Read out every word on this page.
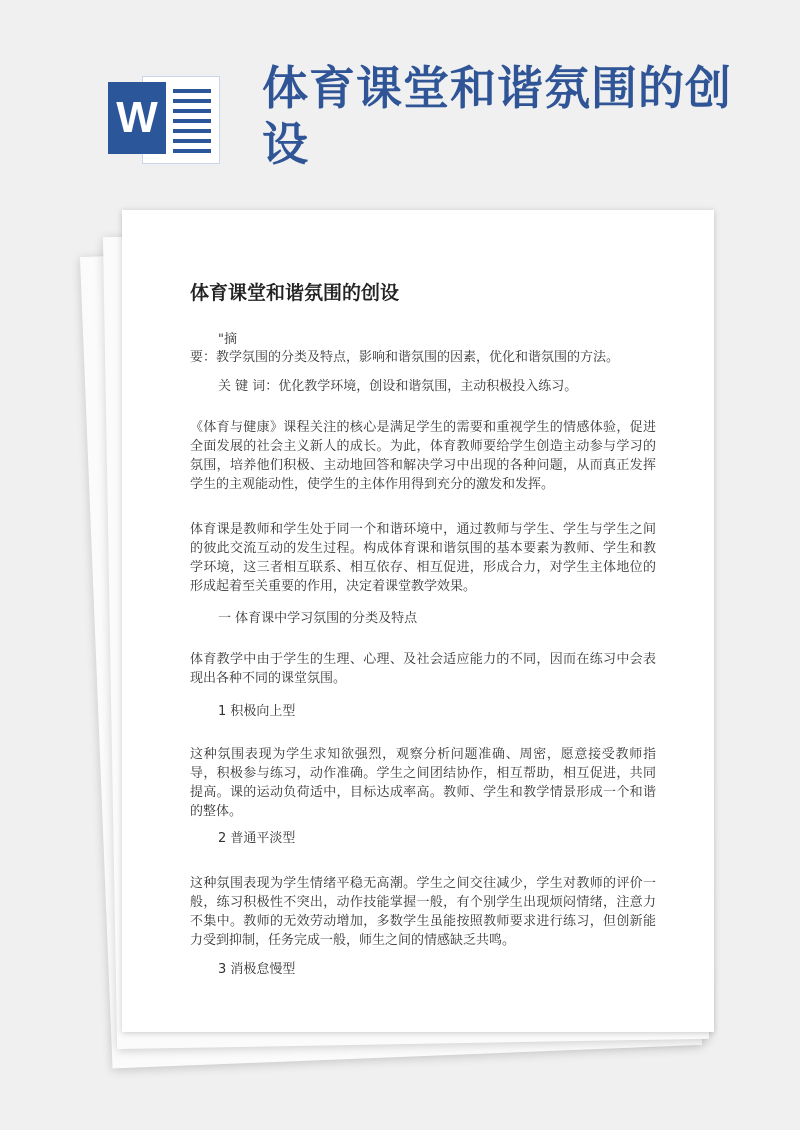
W
体育课堂和谐氛围的创设
体育课堂和谐氛围的创设
"摘
要：教学氛围的分类及特点，影响和谐氛围的因素，优化和谐氛围的方法。
关 键 词：优化教学环境，创设和谐氛围，主动积极投入练习。

《体育与健康》课程关注的核心是满足学生的需要和重视学生的情感体验，促进全面发展的社会主义新人的成长。为此，体育教师要给学生创造主动参与学习的氛围，培养他们积极、主动地回答和解决学习中出现的各种问题，从而真正发挥学生的主观能动性，使学生的主体作用得到充分的激发和发挥。

体育课是教师和学生处于同一个和谐环境中，通过教师与学生、学生与学生之间的彼此交流互动的发生过程。构成体育课和谐氛围的基本要素为教师、学生和教学环境，这三者相互联系、相互依存、相互促进，形成合力，对学生主体地位的形成起着至关重要的作用，决定着课堂教学效果。

一 体育课中学习氛围的分类及特点

体育教学中由于学生的生理、心理、及社会适应能力的不同，因而在练习中会表现出各种不同的课堂氛围。

1 积极向上型

这种氛围表现为学生求知欲强烈，观察分析问题准确、周密，愿意接受教师指导，积极参与练习，动作准确。学生之间团结协作，相互帮助，相互促进，共同提高。课的运动负荷适中，目标达成率高。教师、学生和教学情景形成一个和谐的整体。

2 普通平淡型

这种氛围表现为学生情绪平稳无高潮。学生之间交往减少，学生对教师的评价一般，练习积极性不突出，动作技能掌握一般，有个别学生出现烦闷情绪，注意力不集中。教师的无效劳动增加，多数学生虽能按照教师要求进行练习，但创新能力受到抑制，任务完成一般，师生之间的情感缺乏共鸣。

3 消极怠慢型
